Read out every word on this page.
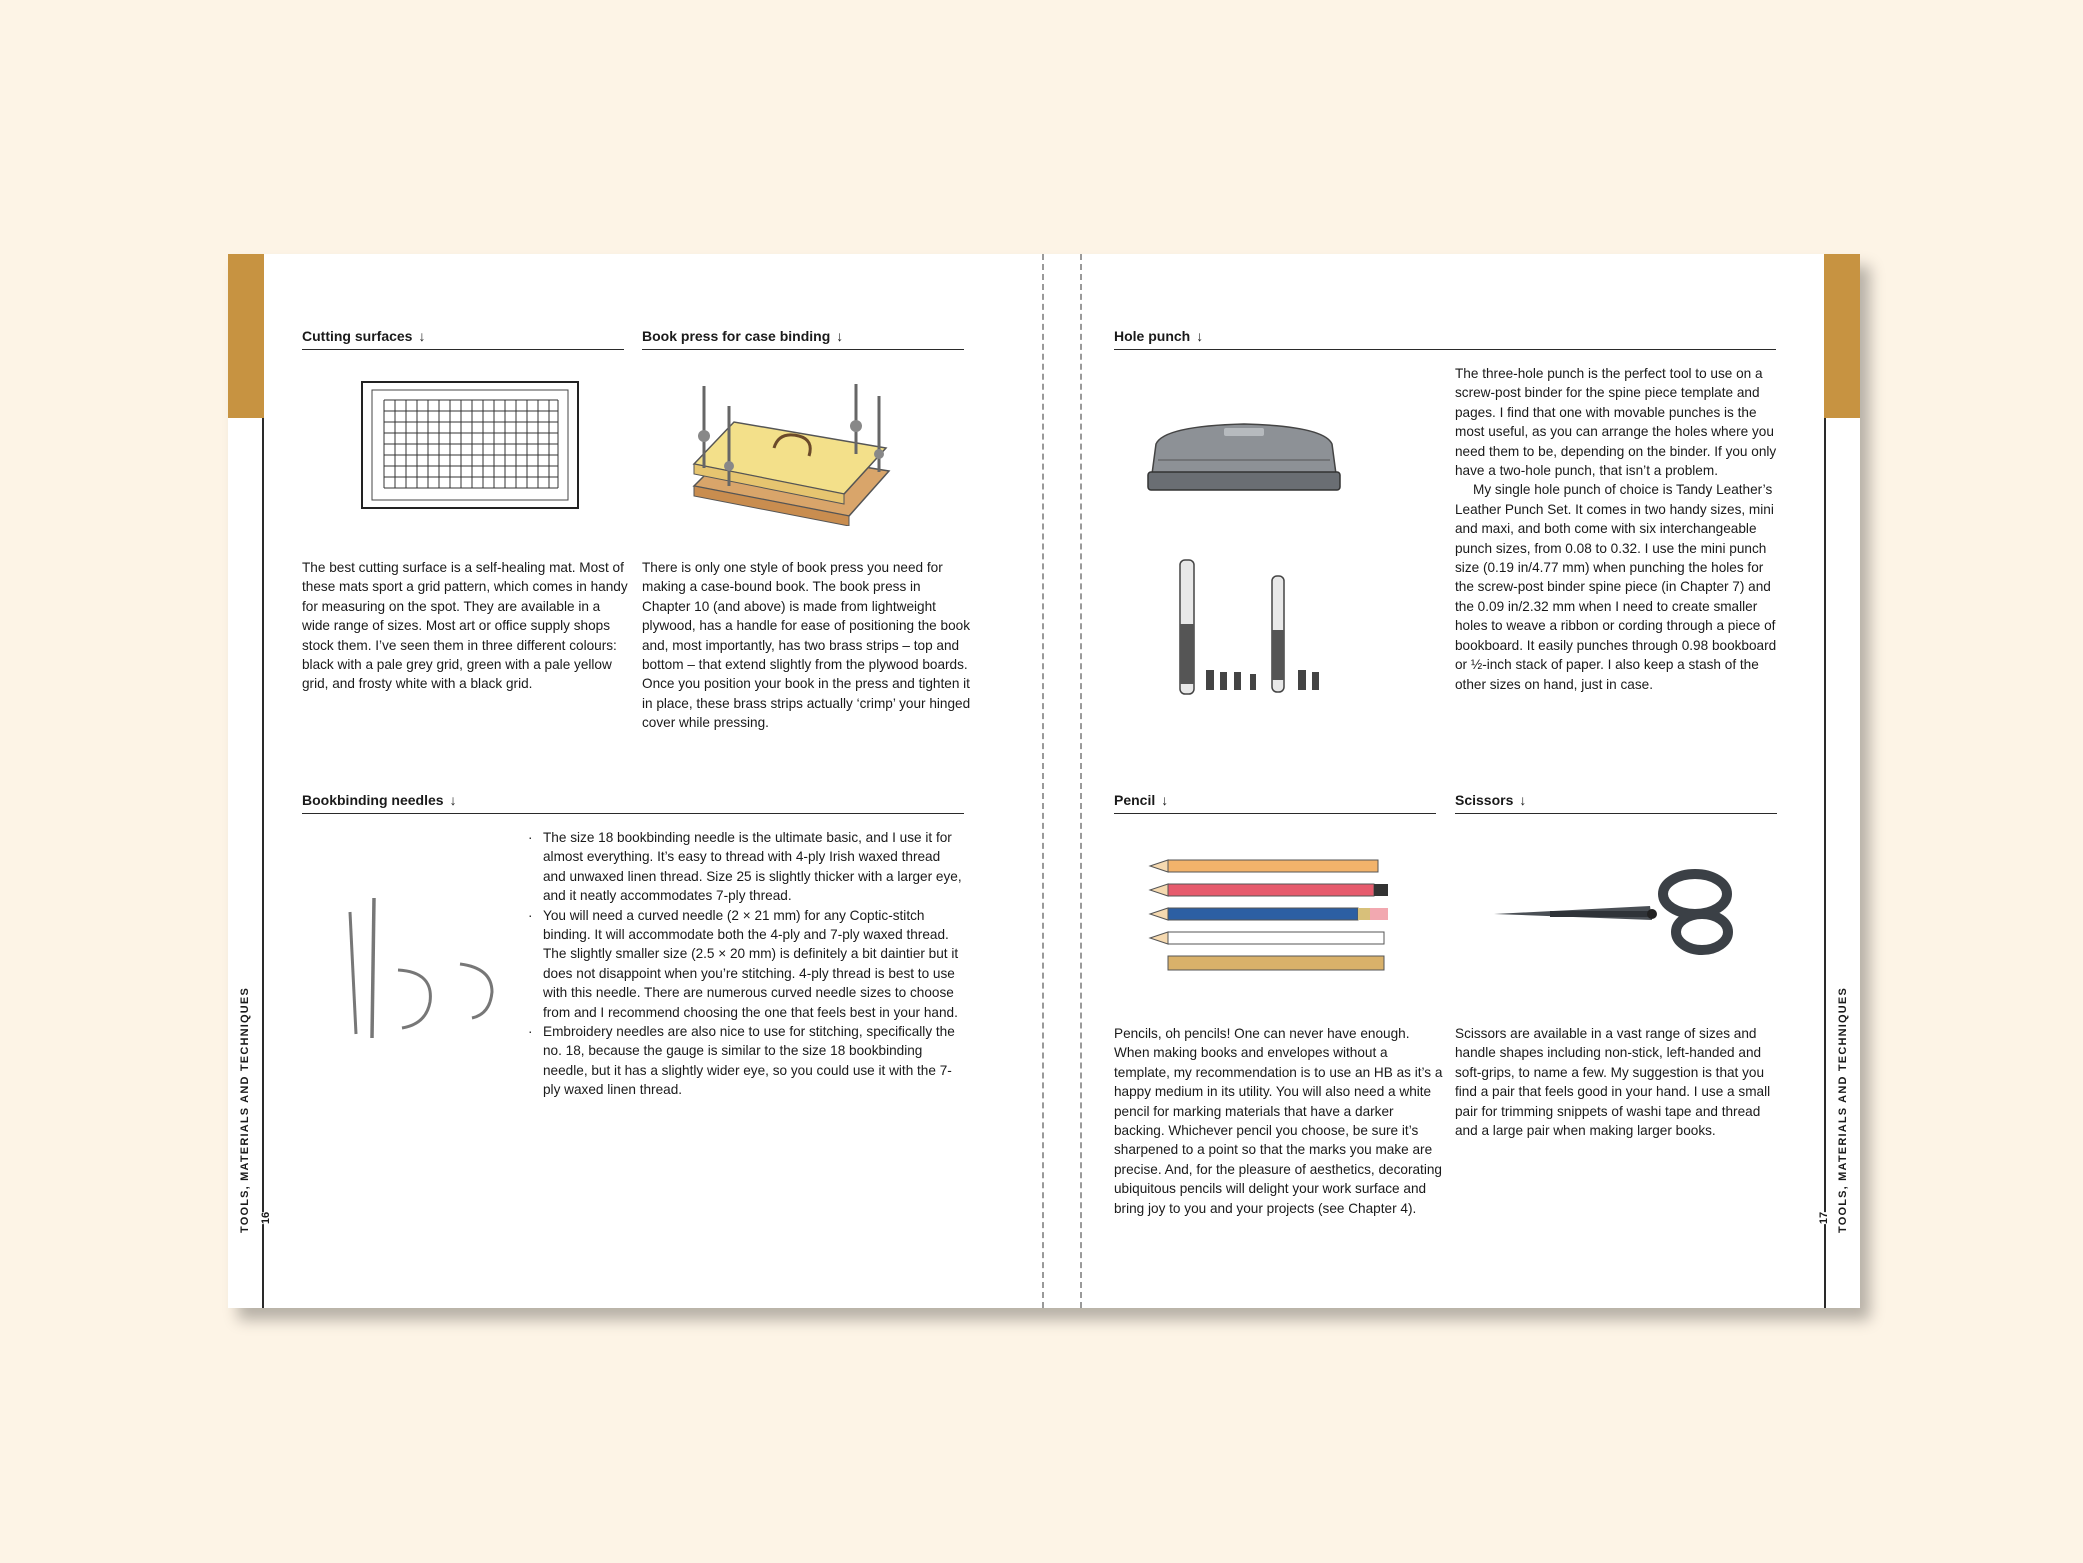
TOOLS, MATERIALS AND TECHNIQUES 16
Cutting surfaces ↓
The best cutting surface is a self-healing mat. Most of these mats sport a grid pattern, which comes in handy for measuring on the spot. They are available in a wide range of sizes. Most art or office supply shops stock them. I’ve seen them in three different colours: black with a pale grey grid, green with a pale yellow grid, and frosty white with a black grid.
Book press for case binding ↓
There is only one style of book press you need for making a case-bound book. The book press in Chapter 10 (and above) is made from lightweight plywood, has a handle for ease of positioning the book and, most importantly, has two brass strips – top and bottom – that extend slightly from the plywood boards. Once you position your book in the press and tighten it in place, these brass strips actually ‘crimp’ your hinged cover while pressing.
Bookbinding needles ↓
· The size 18 bookbinding needle is the ultimate basic, and I use it for almost everything. It’s easy to thread with 4-ply Irish waxed thread and unwaxed linen thread. Size 25 is slightly thicker with a larger eye, and it neatly accommodates 7-ply thread.
· You will need a curved needle (2 × 21 mm) for any Coptic-stitch binding. It will accommodate both the 4-ply and 7-ply waxed thread. The slightly smaller size (2.5 × 20 mm) is definitely a bit daintier but it does not disappoint when you’re stitching. 4-ply thread is best to use with this needle. There are numerous curved needle sizes to choose from and I recommend choosing the one that feels best in your hand.
· Embroidery needles are also nice to use for stitching, specifically the no. 18, because the gauge is similar to the size 18 bookbinding needle, but it has a slightly wider eye, so you could use it with the 7-ply waxed linen thread.	TOOLS, MATERIALS AND TECHNIQUES
17
Hole punch ↓

The three-hole punch is the perfect tool to use on a screw-post binder for the spine piece template and pages. I find that one with movable punches is the most useful, as you can arrange the holes where you need them to be, depending on the binder. If you only have a two-hole punch, that isn’t a problem.

My single hole punch of choice is Tandy Leather’s Leather Punch Set. It comes in two handy sizes, mini and maxi, and both come with six interchangeable punch sizes, from 0.08 to 0.32. I use the mini punch size (0.19 in/4.77 mm) when punching the holes for the screw-post binder spine piece (in Chapter 7) and the 0.09 in/2.32 mm when I need to create smaller holes to weave a ribbon or cording through a piece of bookboard. It easily punches through 0.98 bookboard or ½-inch stack of paper. I also keep a stash of the other sizes on hand, just in case.

Pencil ↓
Pencils, oh pencils! One can never have enough. When making books and envelopes without a template, my recommendation is to use an HB as it’s a happy medium in its utility. You will also need a white pencil for marking materials that have a darker backing. Whichever pencil you choose, be sure it’s sharpened to a point so that the marks you make are precise. And, for the pleasure of aesthetics, decorating ubiquitous pencils will delight your work surface and bring joy to you and your projects (see Chapter 4).
Scissors ↓
Scissors are available in a vast range of sizes and handle shapes including non-stick, left-handed and soft-grips, to name a few. My suggestion is that you find a pair that feels good in your hand. I use a small pair for trimming snippets of washi tape and thread and a large pair when making larger books.
